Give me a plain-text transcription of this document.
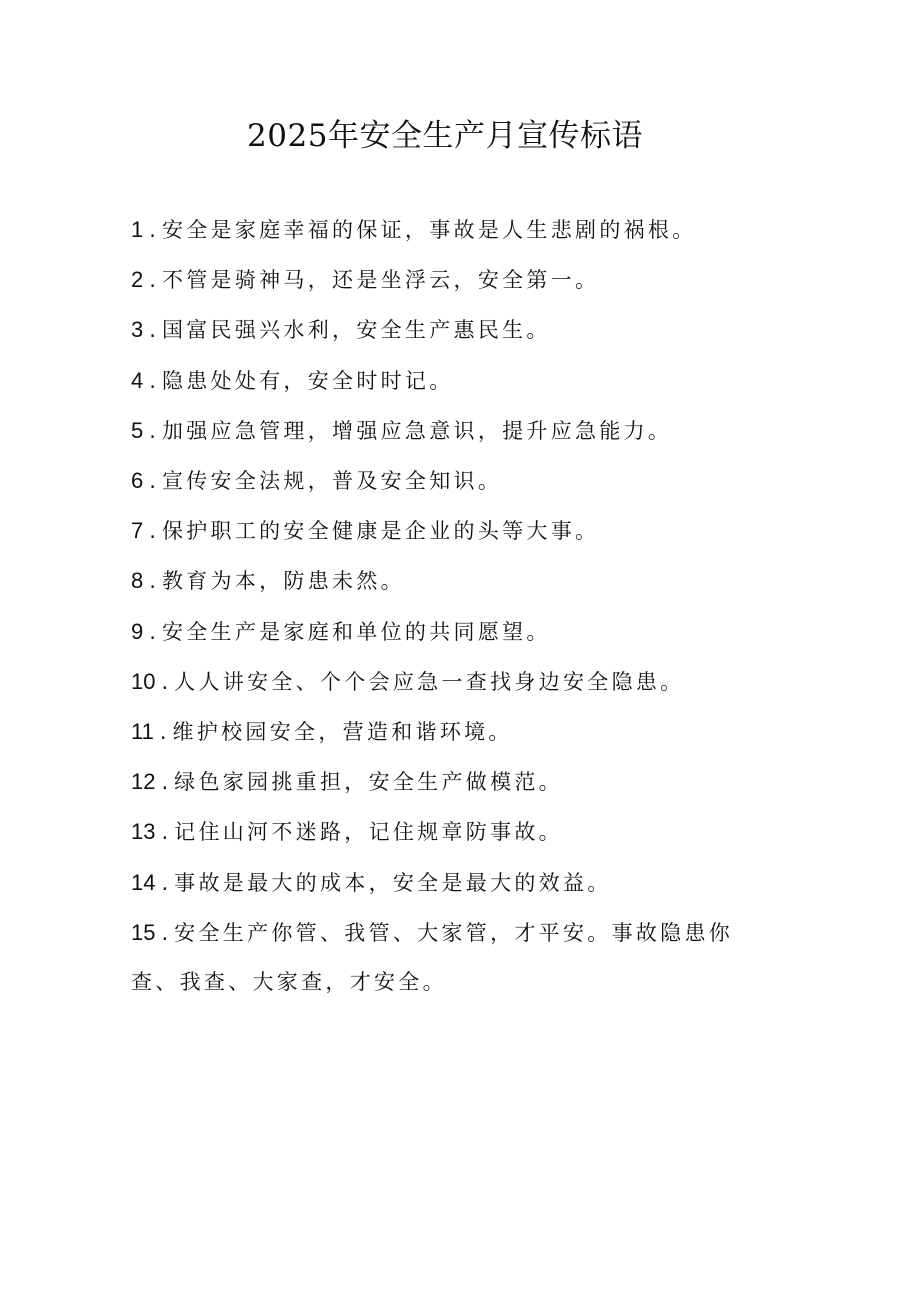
2025年安全生产月宣传标语
1 . 安全是家庭幸福的保证，事故是人生悲剧的祸根。
2 . 不管是骑神马，还是坐浮云，安全第一。
3 . 国富民强兴水利，安全生产惠民生。
4 . 隐患处处有，安全时时记。
5 . 加强应急管理，增强应急意识，提升应急能力。
6 . 宣传安全法规，普及安全知识。
7 . 保护职工的安全健康是企业的头等大事。
8 . 教育为本，防患未然。
9 . 安全生产是家庭和单位的共同愿望。
10 . 人人讲安全、个个会应急一查找身边安全隐患。
11 . 维护校园安全，营造和谐环境。
12 . 绿色家园挑重担，安全生产做模范。
13 . 记住山河不迷路，记住规章防事故。
14 . 事故是最大的成本，安全是最大的效益。
15 . 安全生产你管、我管、大家管，才平安。事故隐患你查、我查、大家查，才安全。
